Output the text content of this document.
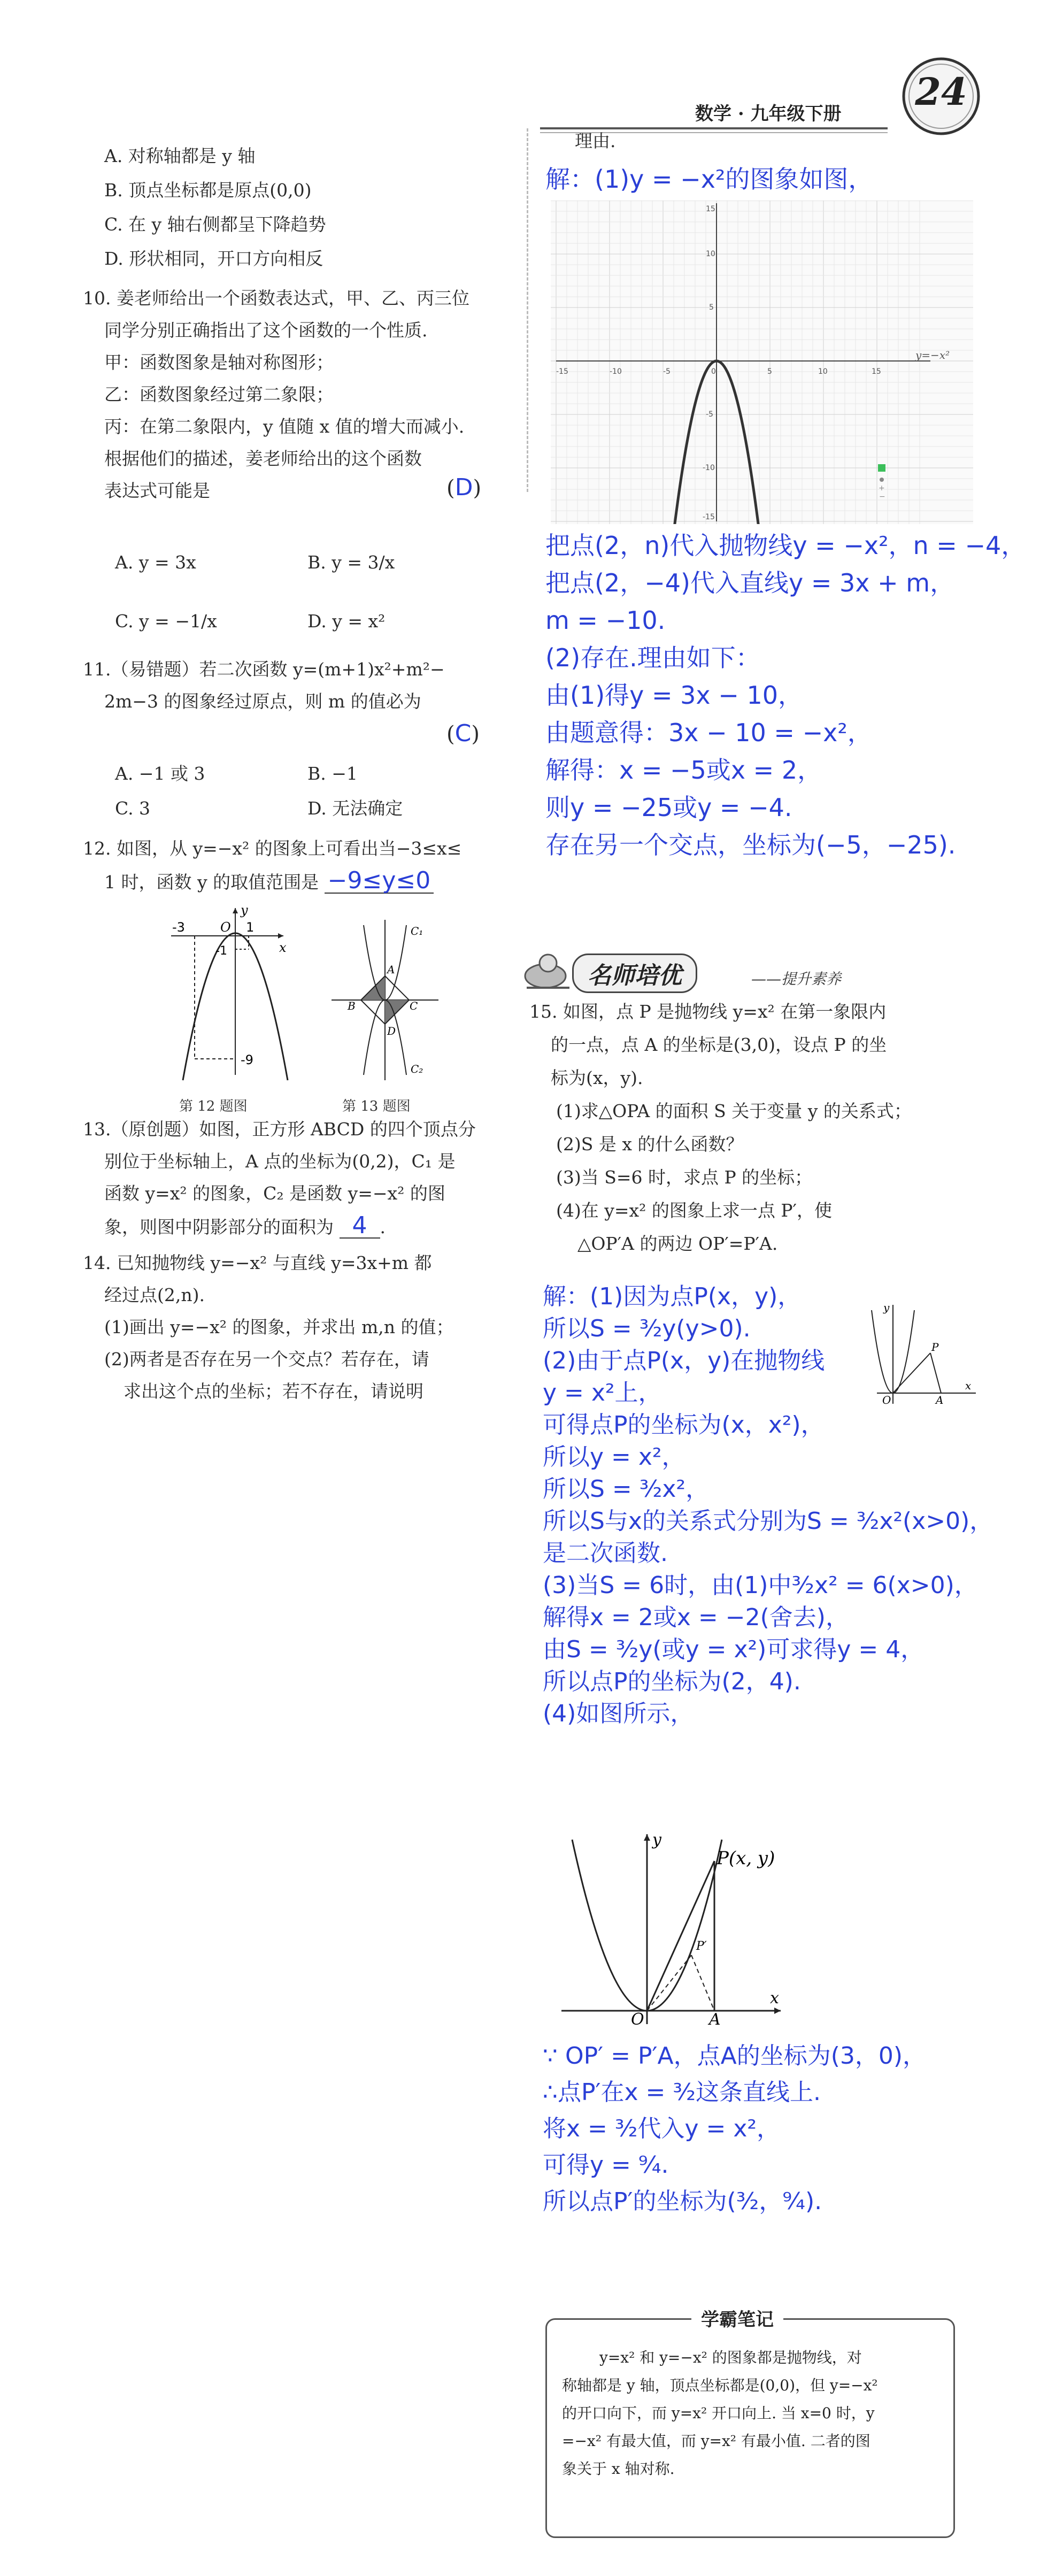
数学 · 九年级下册 24
A. 对称轴都是 y 轴
B. 顶点坐标都是原点(0,0)
C. 在 y 轴右侧都呈下降趋势
D. 形状相同，开口方向相反
10. 姜老师给出一个函数表达式，甲、乙、丙三位
同学分别正确指出了这个函数的一个性质.
甲：函数图象是轴对称图形；
乙：函数图象经过第二象限；
丙：在第二象限内，y 值随 x 值的增大而减小.
根据他们的描述，姜老师给出的这个函数
表达式可能是	(D)
A. y = 3x	B. y = 3/x
C. y = −1/x	D. y = x²
11.（易错题）若二次函数 y=(m+1)x²+m²−
2m−3 的图象经过原点，则 m 的值必为
(C)
A. −1 或 3	B. −1
C. 3	D. 无法确定
12. 如图，从 y=−x² 的图象上可看出当−3≤x≤
1 时，函数 y 的取值范围是 −9≤y≤0
-3	O 1
-1
-9
y
x
第 12 题图
A
B	C
D
C₁
C₂
第 13 题图
13.（原创题）如图，正方形 ABCD 的四个顶点分
别位于坐标轴上，A 点的坐标为(0,2)，C₁ 是
函数 y=x² 的图象，C₂ 是函数 y=−x² 的图
象，则图中阴影部分的面积为 4 .
14. 已知抛物线 y=−x² 与直线 y=3x+m 都
经过点(2,n).
(1)画出 y=−x² 的图象，并求出 m,n 的值；
(2)两者是否存在另一个交点？若存在，请
求出这个点的坐标；若不存在，请说明
理由.
解：(1)y = −x²的图象如图，
-15	-10	-5	0	5	10	15
15
10
5
-5
-10
-15
y=−x²
+
−
把点(2，n)代入抛物线y = −x²，n = −4，
把点(2，−4)代入直线y = 3x + m，
m = −10.
(2)存在.理由如下：
由(1)得y = 3x − 10，
由题意得：3x − 10 = −x²，
解得：x = −5或x = 2，
则y = −25或y = −4.
存在另一个交点，坐标为(−5，−25).
名师培优	——提升素养
15. 如图，点 P 是抛物线 y=x² 在第一象限内
的一点，点 A 的坐标是(3,0)，设点 P 的坐
标为(x，y).
(1)求△OPA 的面积 S 关于变量 y 的关系式；
(2)S 是 x 的什么函数？
(3)当 S=6 时，求点 P 的坐标；
(4)在 y=x² 的图象上求一点 P′，使
△OP′A 的两边 OP′=P′A.
y
P
O	A
x
解：(1)因为点P(x，y)，
所以S = ³⁄₂y(y>0).
(2)由于点P(x，y)在抛物线
y = x²上，
可得点P的坐标为(x，x²)，
所以y = x²，
所以S = ³⁄₂x²，
所以S与x的关系式分别为S = ³⁄₂x²(x>0)，
是二次函数.
(3)当S = 6时，由(1)中³⁄₂x² = 6(x>0)，
解得x = 2或x = −2(舍去)，
由S = ³⁄₂y(或y = x²)可求得y = 4，
所以点P的坐标为(2，4).
(4)如图所示，
y
P(x, y)
P′
O	A
x
∵ OP′ = P′A，点A的坐标为(3，0)，
∴点P′在x = ³⁄₂这条直线上.
将x = ³⁄₂代入y = x²，
可得y = ⁹⁄₄.
所以点P′的坐标为(³⁄₂，⁹⁄₄).
学霸笔记
y=x² 和 y=−x² 的图象都是抛物线，对
称轴都是 y 轴，顶点坐标都是(0,0)，但 y=−x²
的开口向下，而 y=x² 开口向上. 当 x=0 时，y
=−x² 有最大值，而 y=x² 有最小值. 二者的图
象关于 x 轴对称.
